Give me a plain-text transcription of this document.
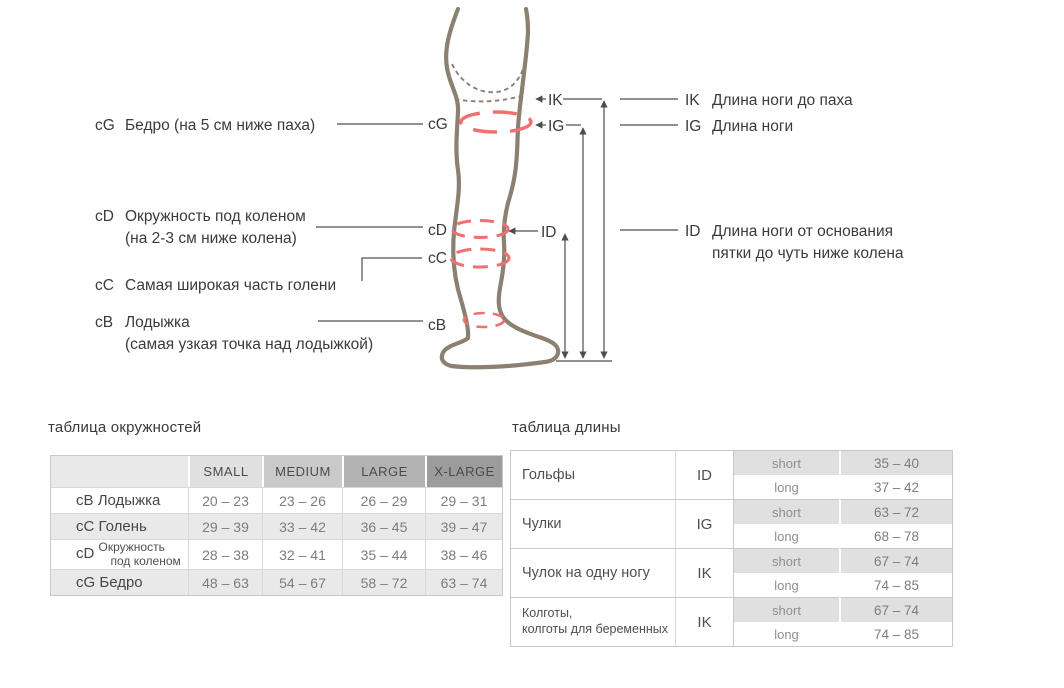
cG Бедро (на 5 см ниже паха)
cD Окружность под коленом
(на 2-3 см ниже колена)
cC Самая широкая часть голени
cB Лодыжка
(самая узкая точка над лодыжкой)
cG
cD
cC
cB
IK
IG
ID
IK Длина ноги до паха
IG Длина ноги
ID Длина ноги от основания
пятки до чуть ниже колена
таблица окружностей
	SMALL	MEDIUM	LARGE	X-LARGE
cB Лодыжка	20 – 23	23 – 26	26 – 29	29 – 31
cC Голень	29 – 39	33 – 42	36 – 45	39 – 47
cD Окружность
под коленом	28 – 38	32 – 41	35 – 44	38 – 46
cG Бедро	48 – 63	54 – 67	58 – 72	63 – 74
таблица длины
Гольфы	ID	short	35 – 40
		long	37 – 42

Чулки	IG	short	63 – 72
		long	68 – 78

Чулок на одну ногу	IK	short	67 – 74
		long	74 – 85

Колготы,
колготы для беременных	IK	short	67 – 74
		long	74 – 85
